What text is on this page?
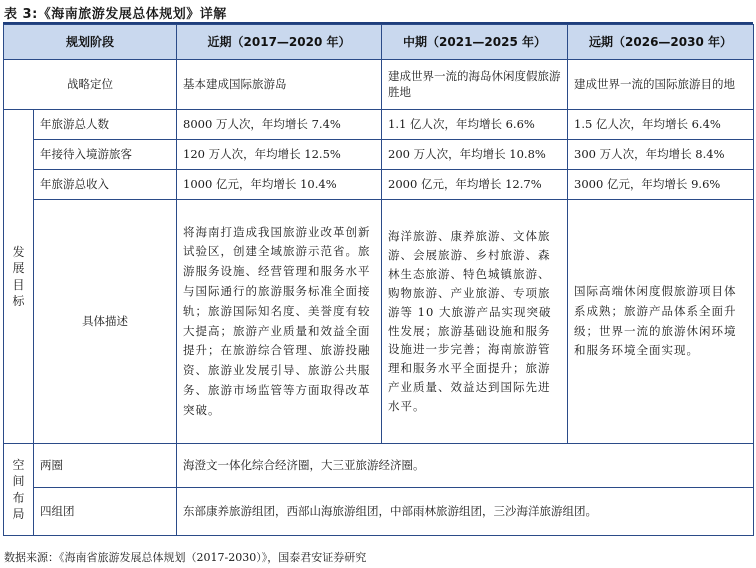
表 3:《海南旅游发展总体规划》详解
规划阶段		近期（2017—2020 年）	中期（2021—2025 年）	远期（2026—2030 年）
战略定位		基本建成国际旅游岛	建成世界一流的海岛休闲度假旅游胜地	建成世界一流的国际旅游目的地

发
展
目
标	年旅游总人数	8000 万人次，年均增长 7.4%	1.1 亿人次，年均增长 6.6%	1.5 亿人次，年均增长 6.4%
	年接待入境游旅客	120 万人次，年均增长 12.5%	200 万人次，年均增长 10.8%	300 万人次，年均增长 8.4%
	年旅游总收入	1000 亿元，年均增长 10.4%	2000 亿元，年均增长 12.7%	3000 亿元，年均增长 9.6%
	具体描述	将海南打造成我国旅游业改革创新试验区，创建全域旅游示范省。旅游服务设施、经营管理和服务水平与国际通行的旅游服务标准全面接轨；旅游国际知名度、美誉度有较大提高；旅游产业质量和效益全面提升；在旅游综合管理、旅游投融资、旅游业发展引导、旅游公共服务、旅游市场监管等方面取得改革突破。	海洋旅游、康养旅游、文体旅游、会展旅游、乡村旅游、森林生态旅游、特色城镇旅游、购物旅游、产业旅游、专项旅游等 10 大旅游产品实现突破性发展；旅游基础设施和服务设施进一步完善；海南旅游管理和服务水平全面提升；旅游产业质量、效益达到国际先进水平。	国际高端休闲度假旅游项目体系成熟；旅游产品体系全面升级；世界一流的旅游休闲环境和服务环境全面实现。

空
间
布
局	两圈	海澄文一体化综合经济圈，大三亚旅游经济圈。		
	四组团	东部康养旅游组团，西部山海旅游组团，中部雨林旅游组团，三沙海洋旅游组团。		
数据来源：《海南省旅游发展总体规划（2017-2030）》，国泰君安证券研究
